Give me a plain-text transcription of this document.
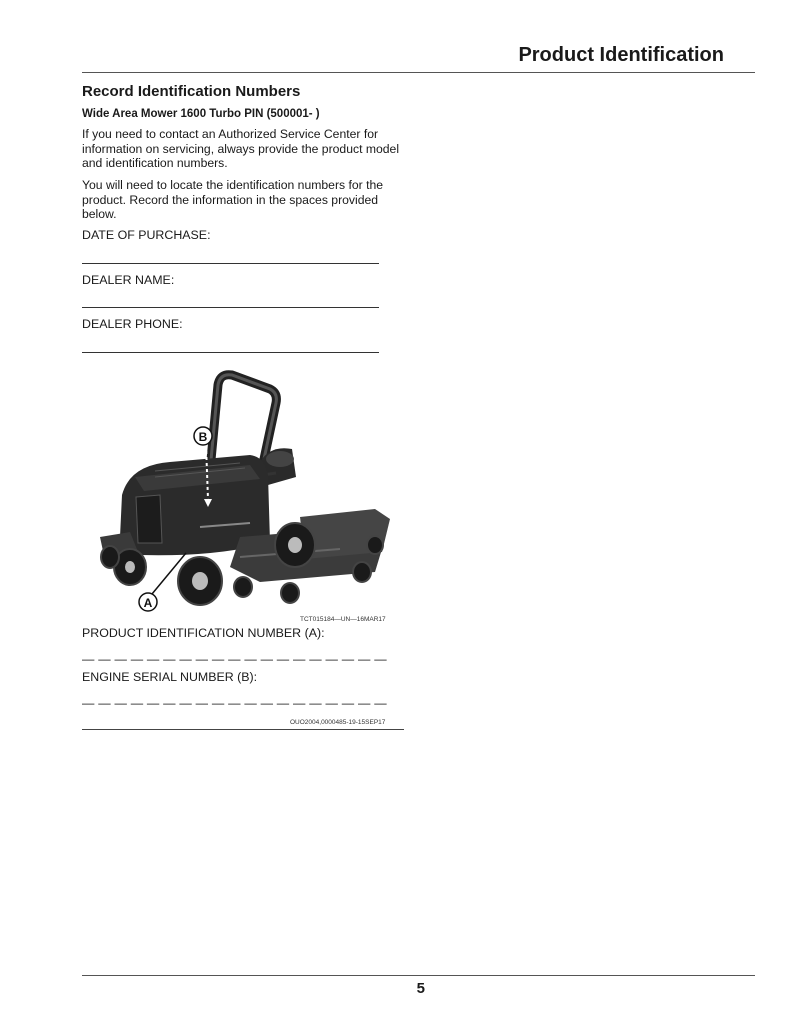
Product Identification
Record Identification Numbers
Wide Area Mower 1600 Turbo PIN (500001- )
If you need to contact an Authorized Service Center for information on servicing, always provide the product model and identification numbers.
You will need to locate the identification numbers for the product. Record the information in the spaces provided below.
DATE OF PURCHASE:
DEALER NAME:
DEALER PHONE:
B
A
TCT015184—UN—16MAR17
PRODUCT IDENTIFICATION NUMBER (A):
— — — — — — — — — — — — — — — — — — —
ENGINE SERIAL NUMBER (B):
— — — — — — — — — — — — — — — — — — —
OUO2004,0000485-19-15SEP17
5
